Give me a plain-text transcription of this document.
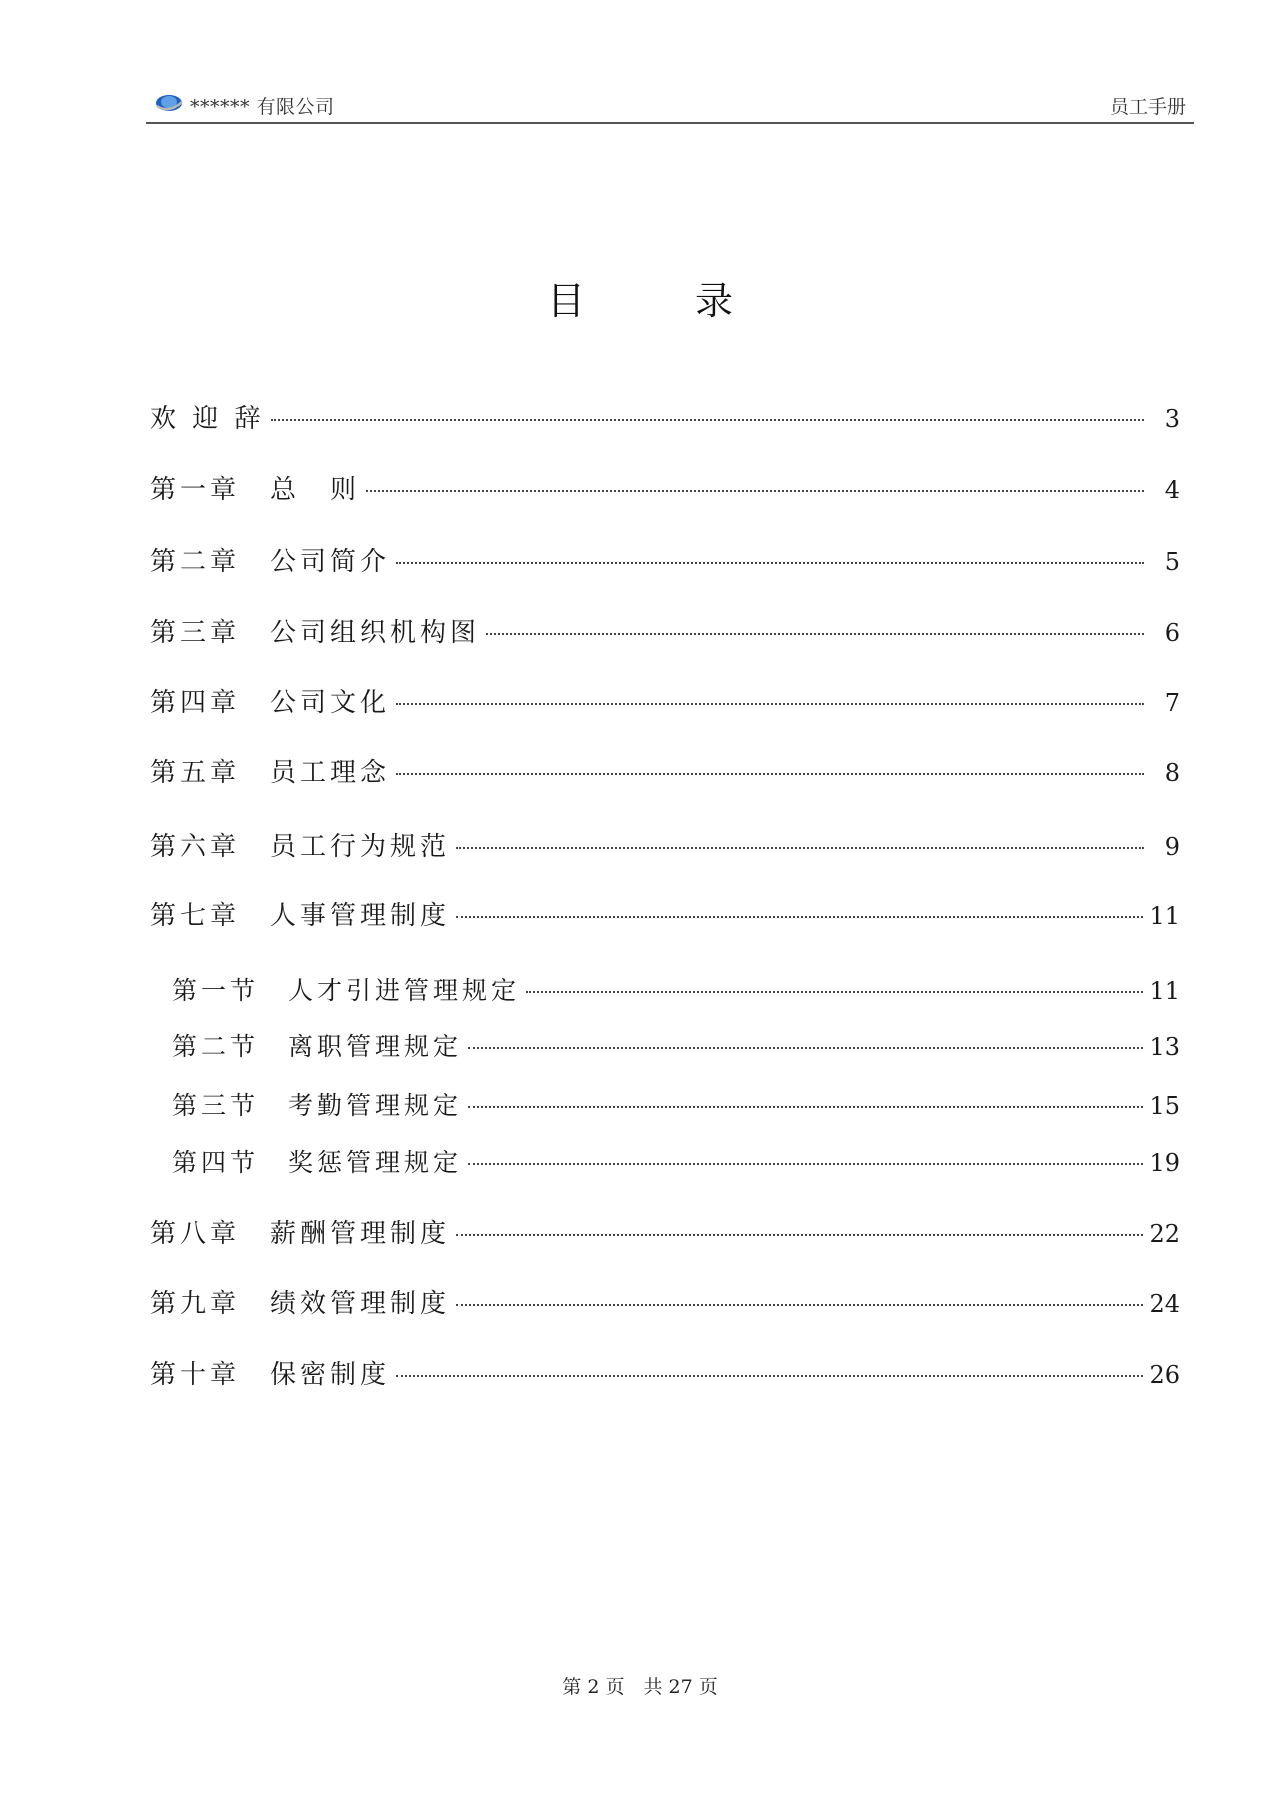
****** 有限公司	员工手册
目录
欢 迎 辞	3
第一章　总　则	4
第二章　公司简介	5
第三章　公司组织机构图	6
第四章　公司文化	7
第五章　员工理念	8
第六章　员工行为规范	9
第七章　人事管理制度	11
第一节　人才引进管理规定	11
第二节　离职管理规定	13
第三节　考勤管理规定	15
第四节　奖惩管理规定	19
第八章　薪酬管理制度	22
第九章　绩效管理制度	24
第十章　保密制度	26
第 2 页　共 27 页
